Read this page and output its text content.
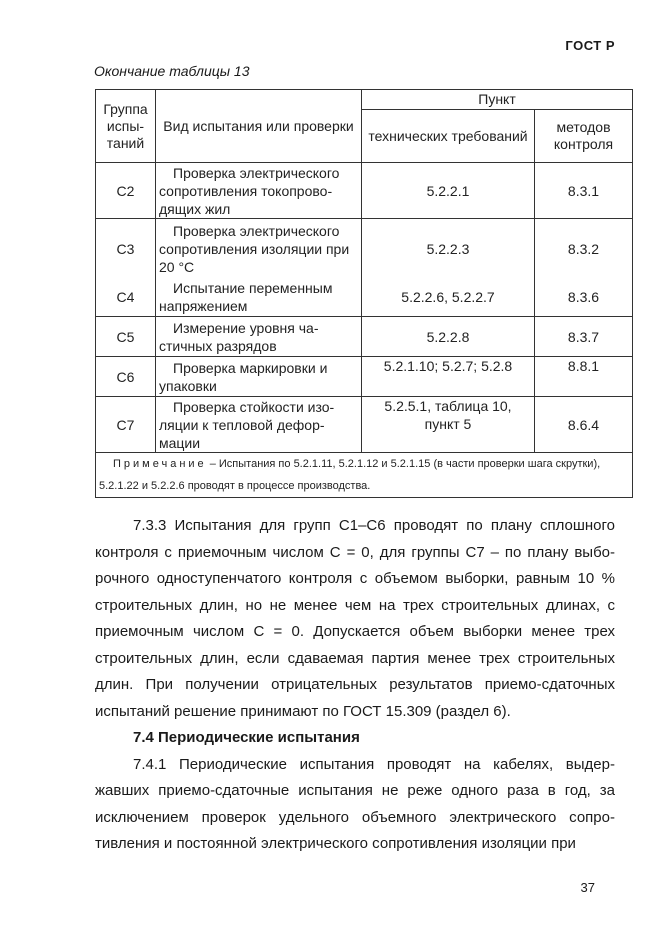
ГОСТ Р
Окончание таблицы 13
Группа испы- таний	Вид испытания или проверки	Пункт	
		технических требований	методов контроля
С2	Проверка электрического сопротивления токопрово- дящих жил	5.2.2.1	8.3.1
С3	Проверка электрического сопротивления изоляции при 20 °С	5.2.2.3	8.3.2
С4	Испытание переменным напряжением	5.2.2.6, 5.2.2.7	8.3.6
С5	Измерение уровня ча- стичных разрядов	5.2.2.8	8.3.7
С6	Проверка маркировки и упаковки	5.2.1.10; 5.2.7; 5.2.8	8.8.1
С7	Проверка стойкости изо- ляции к тепловой дефор- мации	5.2.5.1, таблица 10, пункт 5	8.6.4
Примечание – Испытания по 5.2.1.11, 5.2.1.12 и 5.2.1.15 (в части проверки шага скрутки), 5.2.1.22 и 5.2.2.6 проводят в процессе производства.			

7.3.3 Испытания для групп С1–С6 проводят по плану сплошного контроля с приемочным числом С = 0, для группы С7 – по плану выбо- рочного одноступенчатого контроля с объемом выборки, равным 10 % строительных длин, но не менее чем на трех строительных длинах, с приемочным числом С = 0. Допускается объем выборки менее трех строительных длин, если сдаваемая партия менее трех строительных длин. При получении отрицательных результатов приемо-сдаточных испытаний решение принимают по ГОСТ 15.309 (раздел 6).

7.4 Периодические испытания

7.4.1 Периодические испытания проводят на кабелях, выдер- жавших приемо-сдаточные испытания не реже одного раза в год, за исключением проверок удельного объемного электрического сопро- тивления и постоянной электрического сопротивления изоляции при

37
